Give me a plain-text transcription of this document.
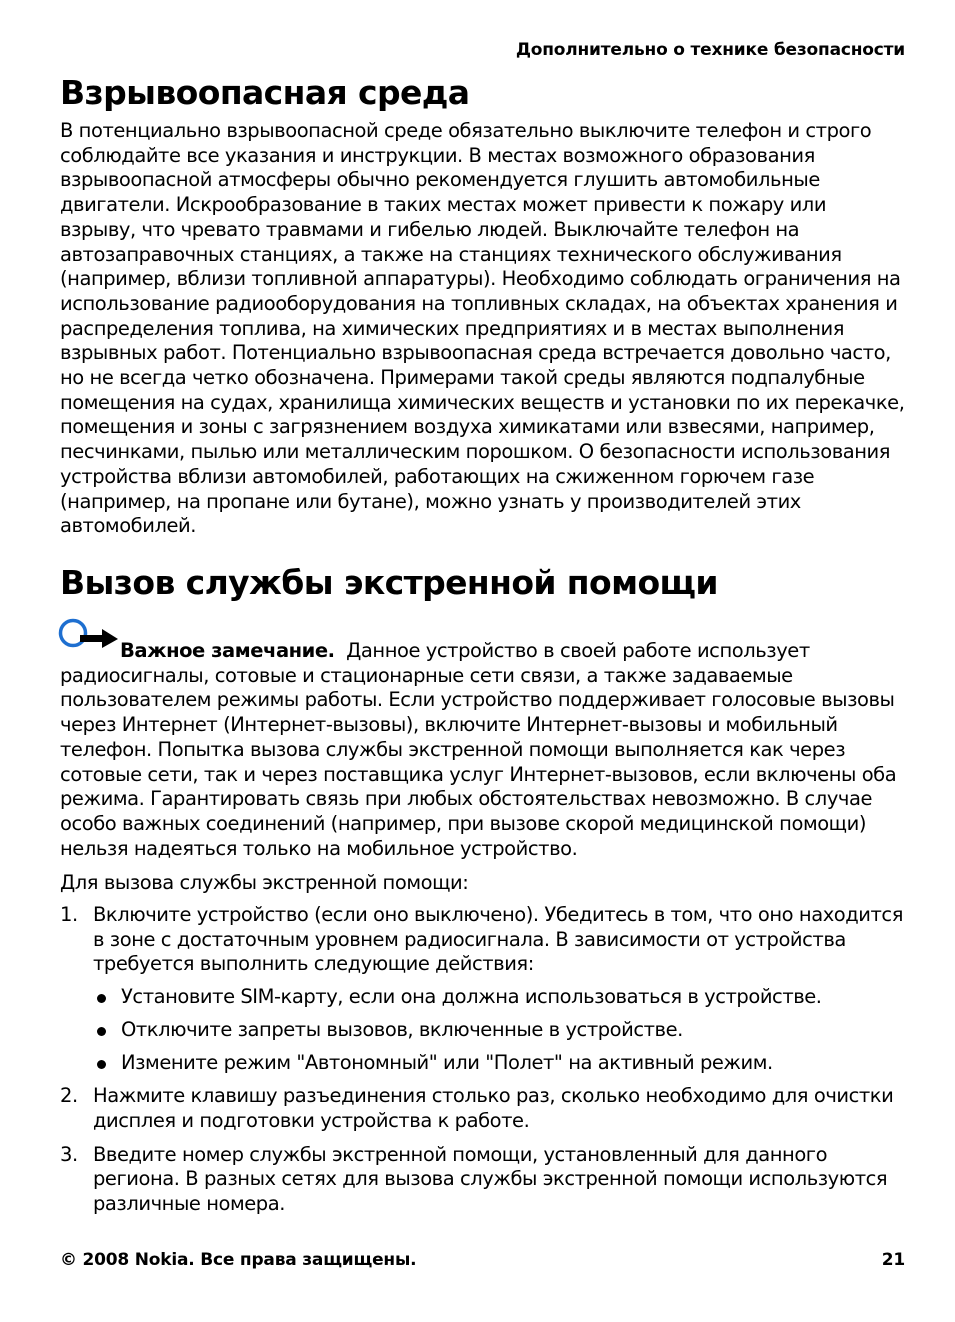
Дополнительно о технике безопасности
Взрывоопасная среда

В потенциально взрывоопасной среде обязательно выключите телефон и строго соблюдайте все указания и инструкции. В местах возможного образования взрывоопасной атмосферы обычно рекомендуется глушить автомобильные двигатели. Искрообразование в таких местах может привести к пожару или взрыву, что чревато травмами и гибелью людей. Выключайте телефон на автозаправочных станциях, а также на станциях технического обслуживания (например, вблизи топливной аппаратуры). Необходимо соблюдать ограничения на использование радиооборудования на топливных складах, на объектах хранения и распределения топлива, на химических предприятиях и в местах выполнения взрывных работ. Потенциально взрывоопасная среда встречается довольно часто, но не всегда четко обозначена. Примерами такой среды являются подпалубные помещения на судах, хранилища химических веществ и установки по их перекачке, помещения и зоны с загрязнением воздуха химикатами или взвесями, например, песчинками, пылью или металлическим порошком. О безопасности использования устройства вблизи автомобилей, работающих на сжиженном горючем газе (например, на пропане или бутане), можно узнать у производителей этих автомобилей.

Вызов службы экстренной помощи

Важное замечание. Данное устройство в своей работе использует радиосигналы, сотовые и стационарные сети связи, а также задаваемые пользователем режимы работы. Если устройство поддерживает голосовые вызовы через Интернет (Интернет-вызовы), включите Интернет-вызовы и мобильный телефон. Попытка вызова службы экстренной помощи выполняется как через сотовые сети, так и через поставщика услуг Интернет-вызовов, если включены оба режима. Гарантировать связь при любых обстоятельствах невозможно. В случае особо важных соединений (например, при вызове скорой медицинской помощи) нельзя надеяться только на мобильное устройство.

Для вызова службы экстренной помощи:

1. Включите устройство (если оно выключено). Убедитесь в том, что оно находится в зоне с достаточным уровнем радиосигнала. В зависимости от устройства требуется выполнить следующие действия:
Установите SIM-карту, если она должна использоваться в устройстве.
Отключите запреты вызовов, включенные в устройстве.
Измените режим "Автономный" или "Полет" на активный режим.
2. Нажмите клавишу разъединения столько раз, сколько необходимо для очистки дисплея и подготовки устройства к работе.
3. Введите номер службы экстренной помощи, установленный для данного региона. В разных сетях для вызова службы экстренной помощи используются различные номера.
© 2008 Nokia. Все права защищены.	21
